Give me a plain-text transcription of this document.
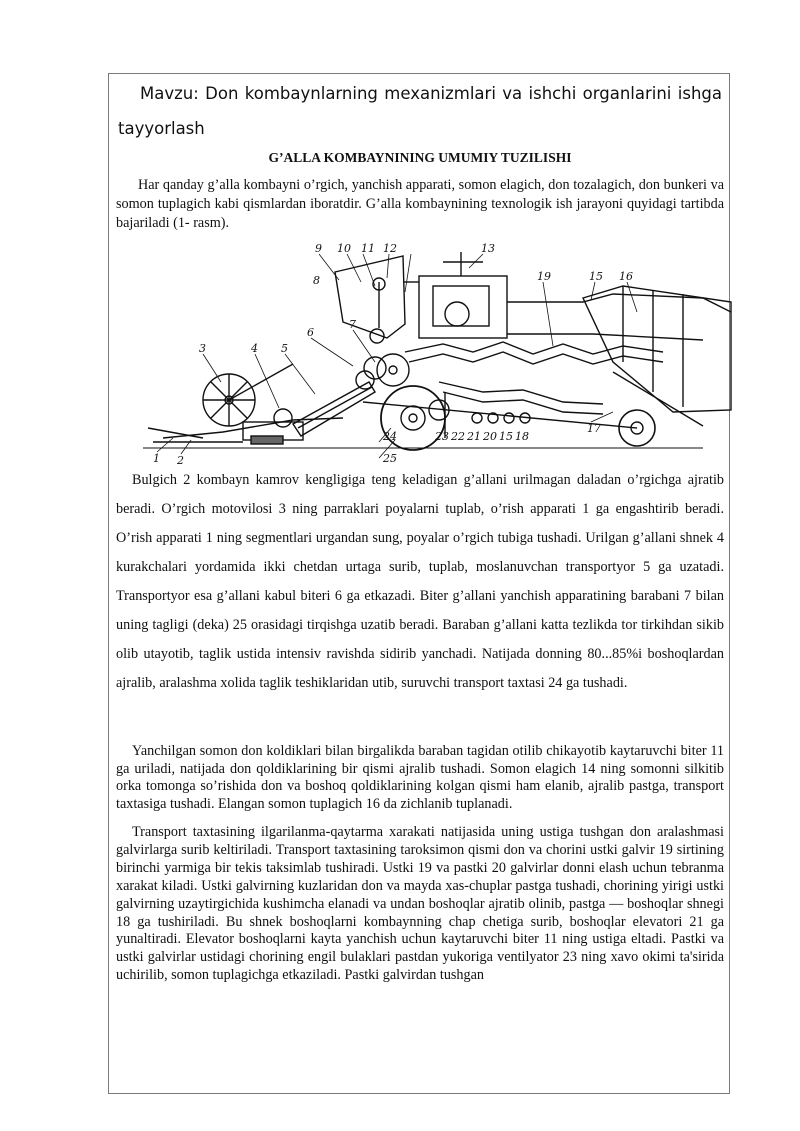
Mavzu: Don kombaynlarning mexanizmlari va ishchi organlarini ishga tayyorlash
G’ALLA KOMBAYNINING UMUMIY TUZILISHI

Har qanday g’alla kombayni o’rgich, yanchish apparati, somon elagich, don tozalagich, don bunkeri va somon tuplagich kabi qismlardan iboratdir. G’alla kombaynining texnologik ish jarayoni quyidagi tartibda bajariladi (1- rasm).

1 2
3	4 5
6
7
8
9 10 11 12	13
19	15 16
17
23 22 21 20 15 18
24
25

Bulgich 2 kombayn kamrov kengligiga teng keladigan g’allani urilmagan daladan o’rgichga ajratib beradi. O’rgich motovilosi 3 ning parraklari poyalarni tuplab, o’rish apparati 1 ga engashtirib beradi. O’rish apparati 1 ning segmentlari urgandan sung, poyalar o’rgich tubiga tushadi. Urilgan g’allani shnek 4 kurakchalari yordamida ikki chetdan urtaga surib, tuplab, moslanuvchan transportyor 5 ga uzatadi. Transportyor esa g’allani kabul biteri 6 ga etkazadi. Biter g’allani yanchish apparatining barabani 7 bilan uning tagligi (deka) 25 orasidagi tirqishga uzatib beradi. Baraban g’allani katta tezlikda tor tirkihdan sikib olib utayotib, taglik ustida intensiv ravishda sidirib yanchadi. Natijada donning 80...85%i boshoqlardan ajralib, aralashma xolida taglik teshiklaridan utib, suruvchi transport taxtasi 24 ga tushadi.

Yanchilgan somon don koldiklari bilan birgalikda baraban tagidan otilib chikayotib kaytaruvchi biter 11 ga uriladi, natijada don qoldiklarining bir qismi ajralib tushadi. Somon elagich 14 ning somonni silkitib orka tomonga so’rishida don va boshoq qoldiklarining kolgan qismi ham elanib, ajralib pastga, transport taxtasiga tushadi. Elangan somon tuplagich 16 da zichlanib tuplanadi.

Transport taxtasining ilgarilanma-qaytarma xarakati natijasida uning ustiga tushgan don aralashmasi galvirlarga surib keltiriladi. Transport taxtasining taroksimon qismi don va chorini ustki galvir 19 sirtining birinchi yarmiga bir tekis taksimlab tushiradi. Ustki 19 va pastki 20 galvirlar donni elash uchun tebranma xarakat kiladi. Ustki galvirning kuzlaridan don va mayda xas-chuplar pastga tushadi, chorining yirigi ustki galvirning uzaytirgichida kushimcha elanadi va undan boshoqlar ajratib olinib, pastga — boshoqlar shnegi 18 ga tushiriladi. Bu shnek boshoqlarni kombaynning chap chetiga surib, boshoqlar elevatori 21 ga yunaltiradi. Elevator boshoqlarni kayta yanchish uchun kaytaruvchi biter 11 ning ustiga eltadi. Pastki va ustki galvirlar ustidagi chorining engil bulaklari pastdan yukoriga ventilyator 23 ning xavo okimi ta'sirida uchirilib, somon tuplagichga etkaziladi. Pastki galvirdan tushgan
